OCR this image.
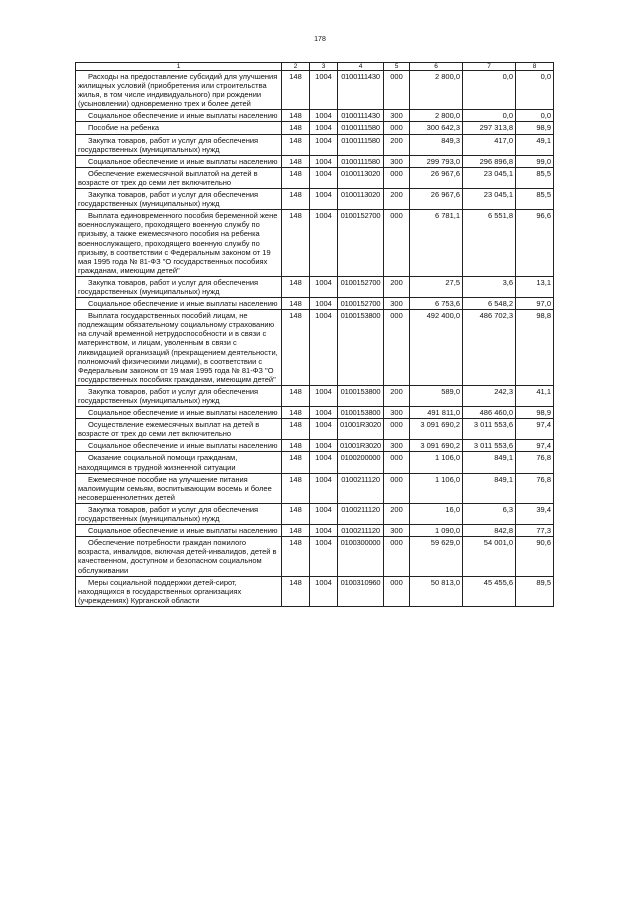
178
1	2	3	4	5	6	7	8
Расходы на предоставление субсидий для улучшения жилищных условий (приобретения или строительства жилья, в том числе индивидуального) при рождении (усыновлении) одновременно трех и более детей	148	1004	0100111430	000	2 800,0	0,0	0,0
Социальное обеспечение и иные выплаты населению	148	1004	0100111430	300	2 800,0	0,0	0,0
Пособие на ребенка	148	1004	0100111580	000	300 642,3	297 313,8	98,9
Закупка товаров, работ и услуг для обеспечения государственных (муниципальных) нужд	148	1004	0100111580	200	849,3	417,0	49,1
Социальное обеспечение и иные выплаты населению	148	1004	0100111580	300	299 793,0	296 896,8	99,0
Обеспечение ежемесячной выплатой на детей в возрасте от трех до семи лет включительно	148	1004	0100113020	000	26 967,6	23 045,1	85,5
Закупка товаров, работ и услуг для обеспечения государственных (муниципальных) нужд	148	1004	0100113020	200	26 967,6	23 045,1	85,5
Выплата единовременного пособия беременной жене военнослужащего, проходящего военную службу по призыву, а также ежемесячного пособия на ребенка военнослужащего, проходящего военную службу по призыву, в соответствии с Федеральным законом от 19 мая 1995 года № 81-ФЗ "О государственных пособиях гражданам, имеющим детей"	148	1004	0100152700	000	6 781,1	6 551,8	96,6
Закупка товаров, работ и услуг для обеспечения государственных (муниципальных) нужд	148	1004	0100152700	200	27,5	3,6	13,1
Социальное обеспечение и иные выплаты населению	148	1004	0100152700	300	6 753,6	6 548,2	97,0
Выплата государственных пособий лицам, не подлежащим обязательному социальному страхованию на случай временной нетрудоспособности и в связи с материнством, и лицам, уволенным в связи с ликвидацией организаций (прекращением деятельности, полномочий физическими лицами), в соответствии с Федеральным законом от 19 мая 1995 года № 81-ФЗ "О государственных пособиях гражданам, имеющим детей"	148	1004	0100153800	000	492 400,0	486 702,3	98,8
Закупка товаров, работ и услуг для обеспечения государственных (муниципальных) нужд	148	1004	0100153800	200	589,0	242,3	41,1
Социальное обеспечение и иные выплаты населению	148	1004	0100153800	300	491 811,0	486 460,0	98,9
Осуществление ежемесячных выплат на детей в возрасте от трех до семи лет включительно	148	1004	01001R3020	000	3 091 690,2	3 011 553,6	97,4
Социальное обеспечение и иные выплаты населению	148	1004	01001R3020	300	3 091 690,2	3 011 553,6	97,4
Оказание социальной помощи гражданам, находящимся в трудной жизненной ситуации	148	1004	0100200000	000	1 106,0	849,1	76,8
Ежемесячное пособие на улучшение питания малоимущим семьям, воспитывающим восемь и более несовершеннолетних детей	148	1004	0100211120	000	1 106,0	849,1	76,8
Закупка товаров, работ и услуг для обеспечения государственных (муниципальных) нужд	148	1004	0100211120	200	16,0	6,3	39,4
Социальное обеспечение и иные выплаты населению	148	1004	0100211120	300	1 090,0	842,8	77,3
Обеспечение потребности граждан пожилого возраста, инвалидов, включая детей-инвалидов, детей в качественном, доступном и безопасном социальном обслуживании	148	1004	0100300000	000	59 629,0	54 001,0	90,6
Меры социальной поддержки детей-сирот, находящихся в государственных организациях (учреждениях) Курганской области	148	1004	0100310960	000	50 813,0	45 455,6	89,5
